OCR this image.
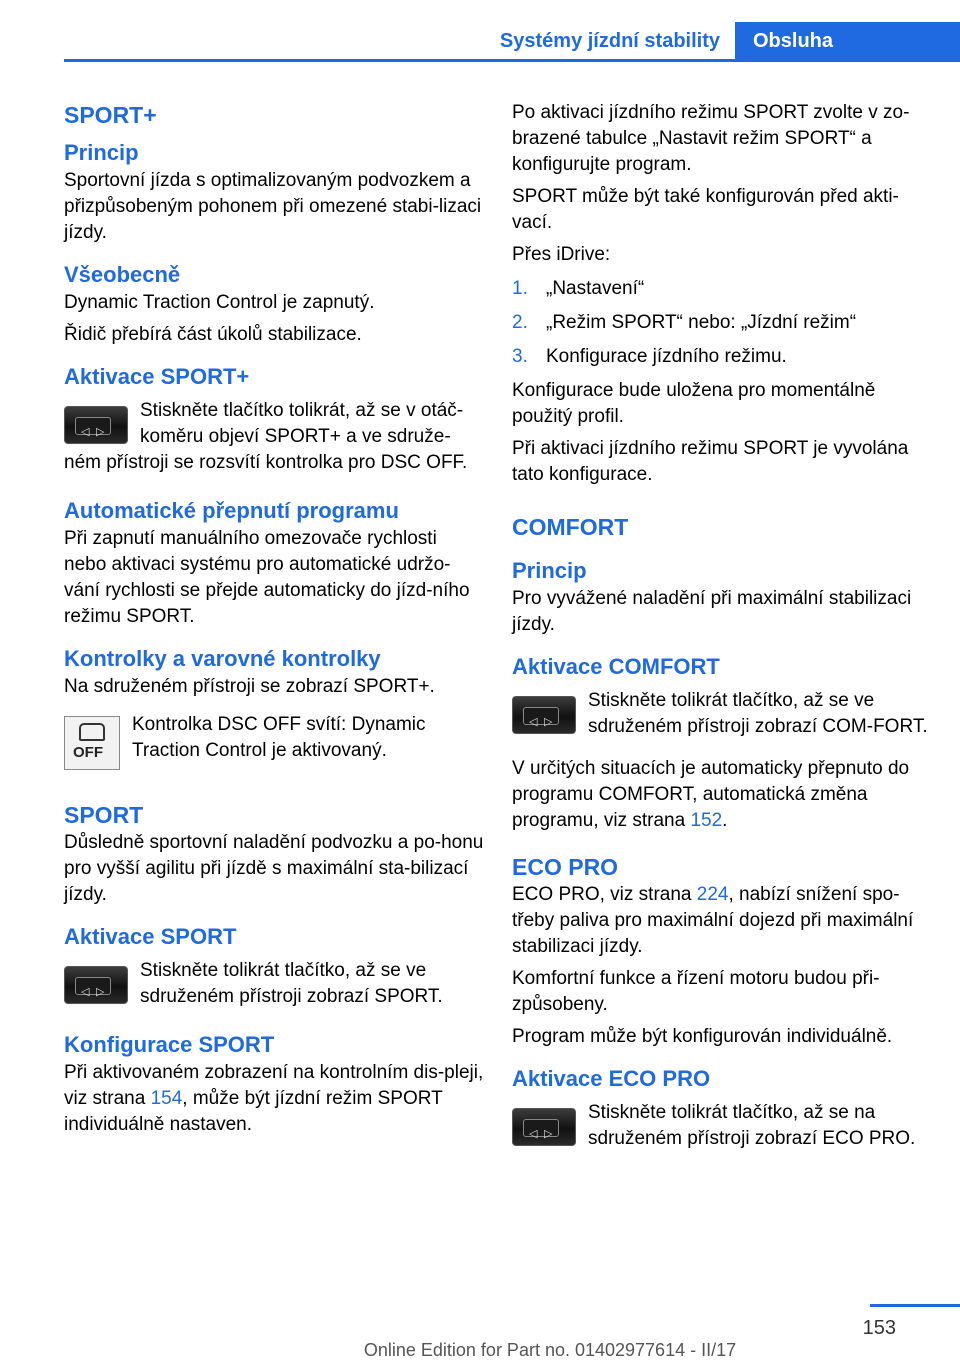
Systémy jízdní stability	Obsluha
SPORT+
Princip
Sportovní jízda s optimalizovaným podvozkem a přizpůsobeným pohonem při omezené stabi-lizaci jízdy.
Všeobecně
Dynamic Traction Control je zapnutý.
Řidič přebírá část úkolů stabilizace.
Aktivace SPORT+
◁ ▷
Stiskněte tlačítko tolikrát, až se v otáč-koměru objeví SPORT+ a ve sdruže-ném přístroji se rozsvítí kontrolka pro DSC OFF.
Automatické přepnutí programu
Při zapnutí manuálního omezovače rychlosti nebo aktivaci systému pro automatické udržo-vání rychlosti se přejde automaticky do jízd-ního režimu SPORT.
Kontrolky a varovné kontrolky
Na sdruženém přístroji se zobrazí SPORT+.
OFF
Kontrolka DSC OFF svítí: Dynamic Traction Control je aktivovaný.
SPORT
Důsledně sportovní naladění podvozku a po-honu pro vyšší agilitu při jízdě s maximální sta-bilizací jízdy.
Aktivace SPORT
◁ ▷
Stiskněte tolikrát tlačítko, až se ve sdruženém přístroji zobrazí SPORT.
Konfigurace SPORT
Při aktivovaném zobrazení na kontrolním dis-pleji, viz strana 154, může být jízdní režim SPORT individuálně nastaven.
Po aktivaci jízdního režimu SPORT zvolte v zo-brazené tabulce „Nastavit režim SPORT“ a konfigurujte program.
SPORT může být také konfigurován před akti-vací.
Přes iDrive:
1. „Nastavení“
2. „Režim SPORT“ nebo: „Jízdní režim“
3. Konfigurace jízdního režimu.
Konfigurace bude uložena pro momentálně použitý profil.
Při aktivaci jízdního režimu SPORT je vyvolána tato konfigurace.
COMFORT
Princip
Pro vyvážené naladění při maximální stabilizaci jízdy.
Aktivace COMFORT
◁ ▷
Stiskněte tolikrát tlačítko, až se ve sdruženém přístroji zobrazí COM-FORT.
V určitých situacích je automaticky přepnuto do programu COMFORT, automatická změna programu, viz strana 152.
ECO PRO
ECO PRO, viz strana 224, nabízí snížení spo-třeby paliva pro maximální dojezd při maximální stabilizaci jízdy.
Komfortní funkce a řízení motoru budou při-způsobeny.
Program může být konfigurován individuálně.
Aktivace ECO PRO
◁ ▷
Stiskněte tolikrát tlačítko, až se na sdruženém přístroji zobrazí ECO PRO.
153
Online Edition for Part no. 01402977614 - II/17
